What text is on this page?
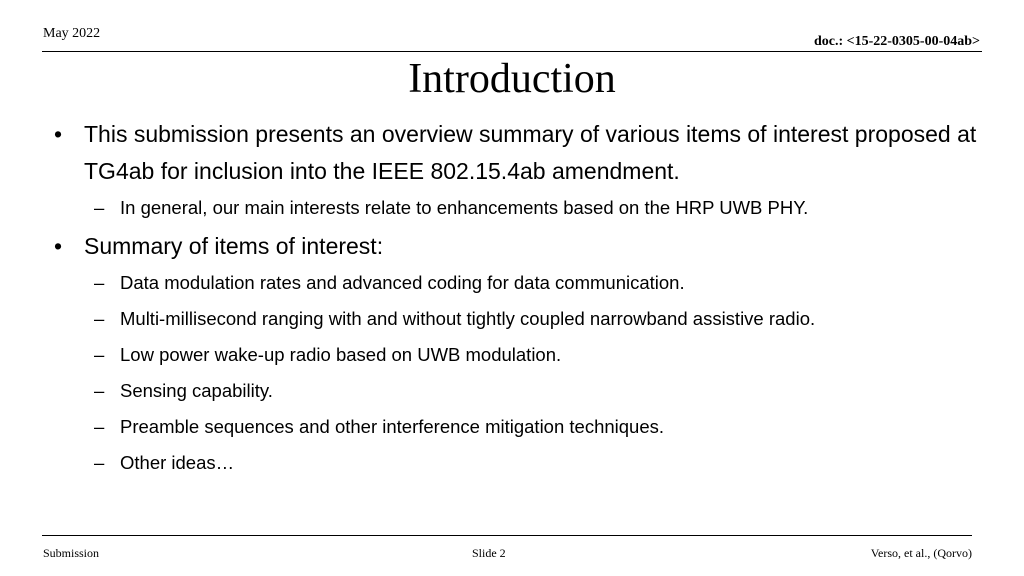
May 2022
doc.: <15-22-0305-00-04ab>
Introduction
• This submission presents an overview summary of various items of interest proposed at TG4ab for inclusion into the IEEE 802.15.4ab amendment.
– In general, our main interests relate to enhancements based on the HRP UWB PHY.
• Summary of items of interest:
– Data modulation rates and advanced coding for data communication.
– Multi-millisecond ranging with and without tightly coupled narrowband assistive radio.
– Low power wake-up radio based on UWB modulation.
– Sensing capability.
– Preamble sequences and other interference mitigation techniques.
– Other ideas…
Submission	Slide 2	Verso, et al., (Qorvo)
